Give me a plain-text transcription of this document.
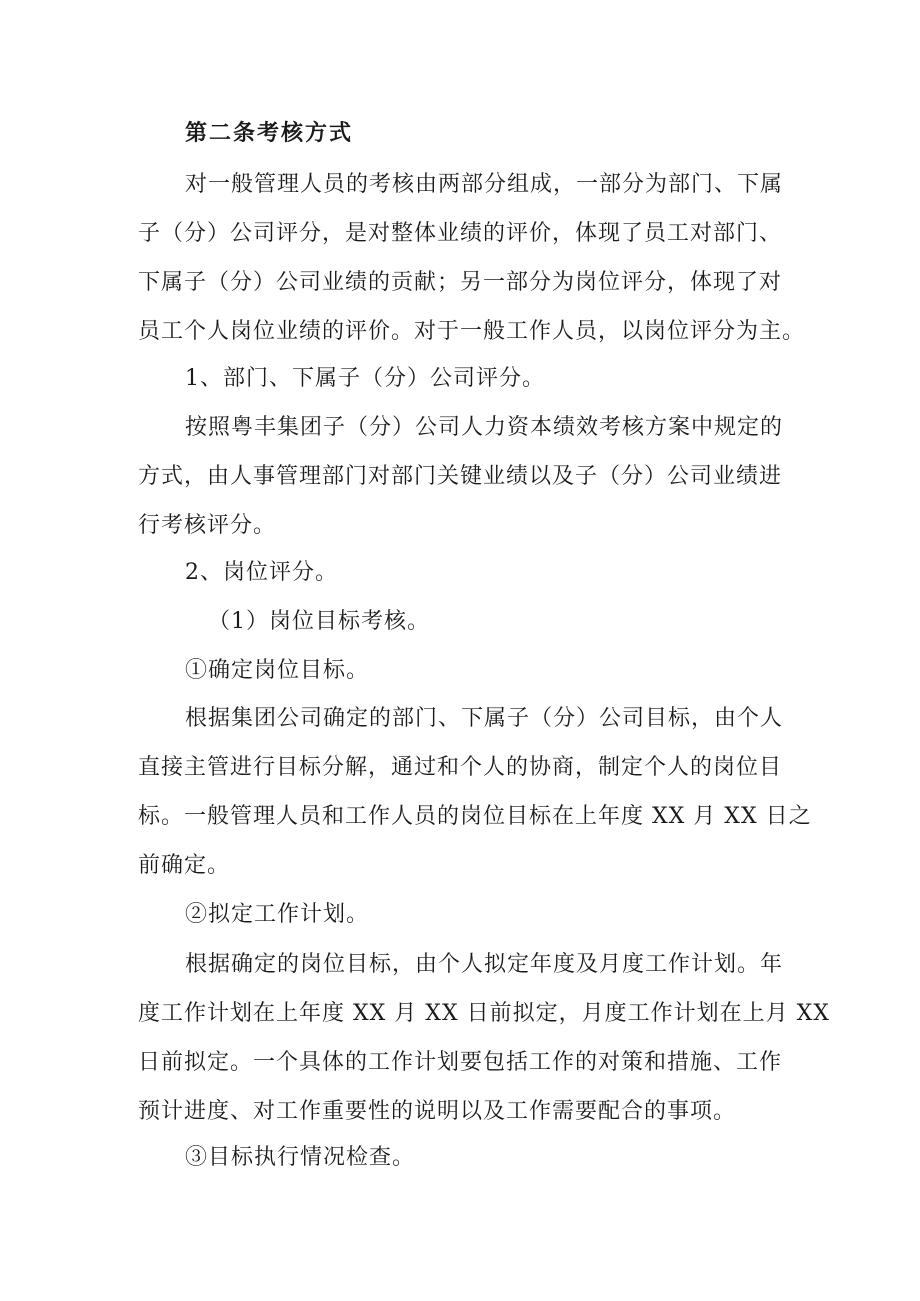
第二条考核方式

对一般管理人员的考核由两部分组成，一部分为部门、下属
子（分）公司评分，是对整体业绩的评价，体现了员工对部门、
下属子（分）公司业绩的贡献；另一部分为岗位评分，体现了对
员工个人岗位业绩的评价。对于一般工作人员，以岗位评分为主。

1、部门、下属子（分）公司评分。

按照粤丰集团子（分）公司人力资本绩效考核方案中规定的
方式，由人事管理部门对部门关键业绩以及子（分）公司业绩进
行考核评分。

2、岗位评分。

（1）岗位目标考核。

①确定岗位目标。

根据集团公司确定的部门、下属子（分）公司目标，由个人
直接主管进行目标分解，通过和个人的协商，制定个人的岗位目
标。一般管理人员和工作人员的岗位目标在上年度 XX 月 XX 日之
前确定。

②拟定工作计划。

根据确定的岗位目标，由个人拟定年度及月度工作计划。年
度工作计划在上年度 XX 月 XX 日前拟定，月度工作计划在上月 XX
日前拟定。一个具体的工作计划要包括工作的对策和措施、工作
预计进度、对工作重要性的说明以及工作需要配合的事项。

③目标执行情况检查。
